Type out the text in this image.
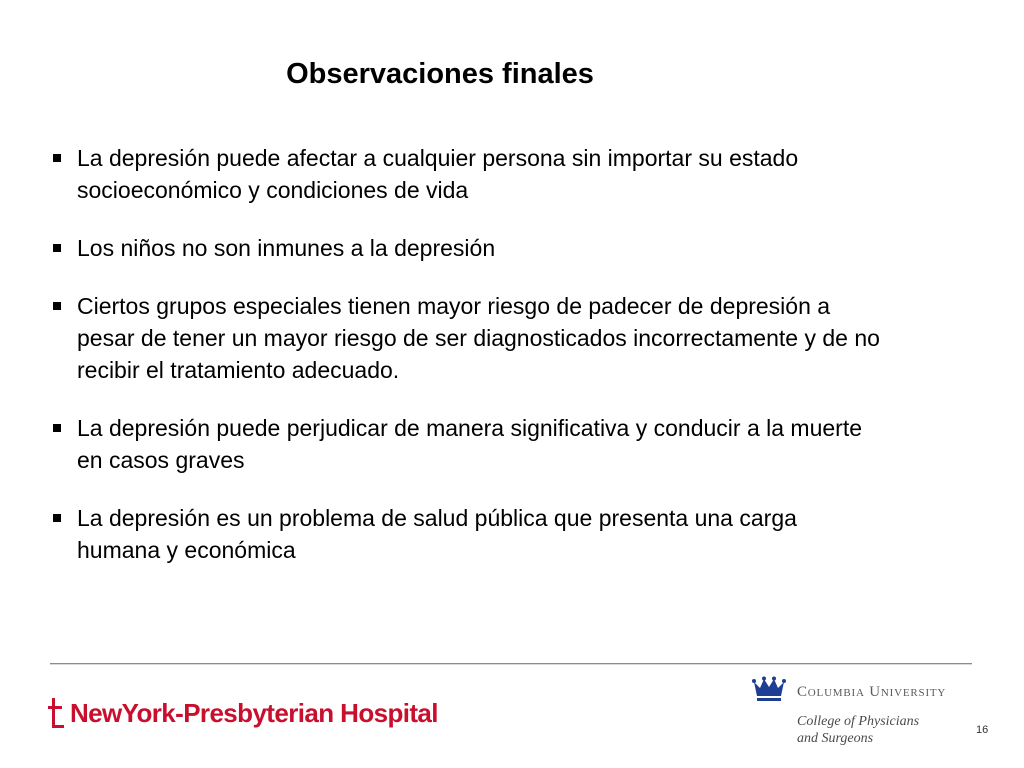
Observaciones finales
La depresión puede afectar a cualquier persona sin importar su estado
socioeconómico y condiciones de vida
Los niños no son inmunes a la depresión
Ciertos grupos especiales tienen mayor riesgo de padecer de depresión a
pesar de tener un mayor riesgo de ser diagnosticados incorrectamente y de no
recibir el tratamiento adecuado.
La depresión puede perjudicar de manera significativa y conducir a la muerte
en casos graves
La depresión es un problema de salud pública que presenta una carga
humana y económica
NewYork-Presbyterian Hospital
Columbia University
College of Physicians
and Surgeons
16
